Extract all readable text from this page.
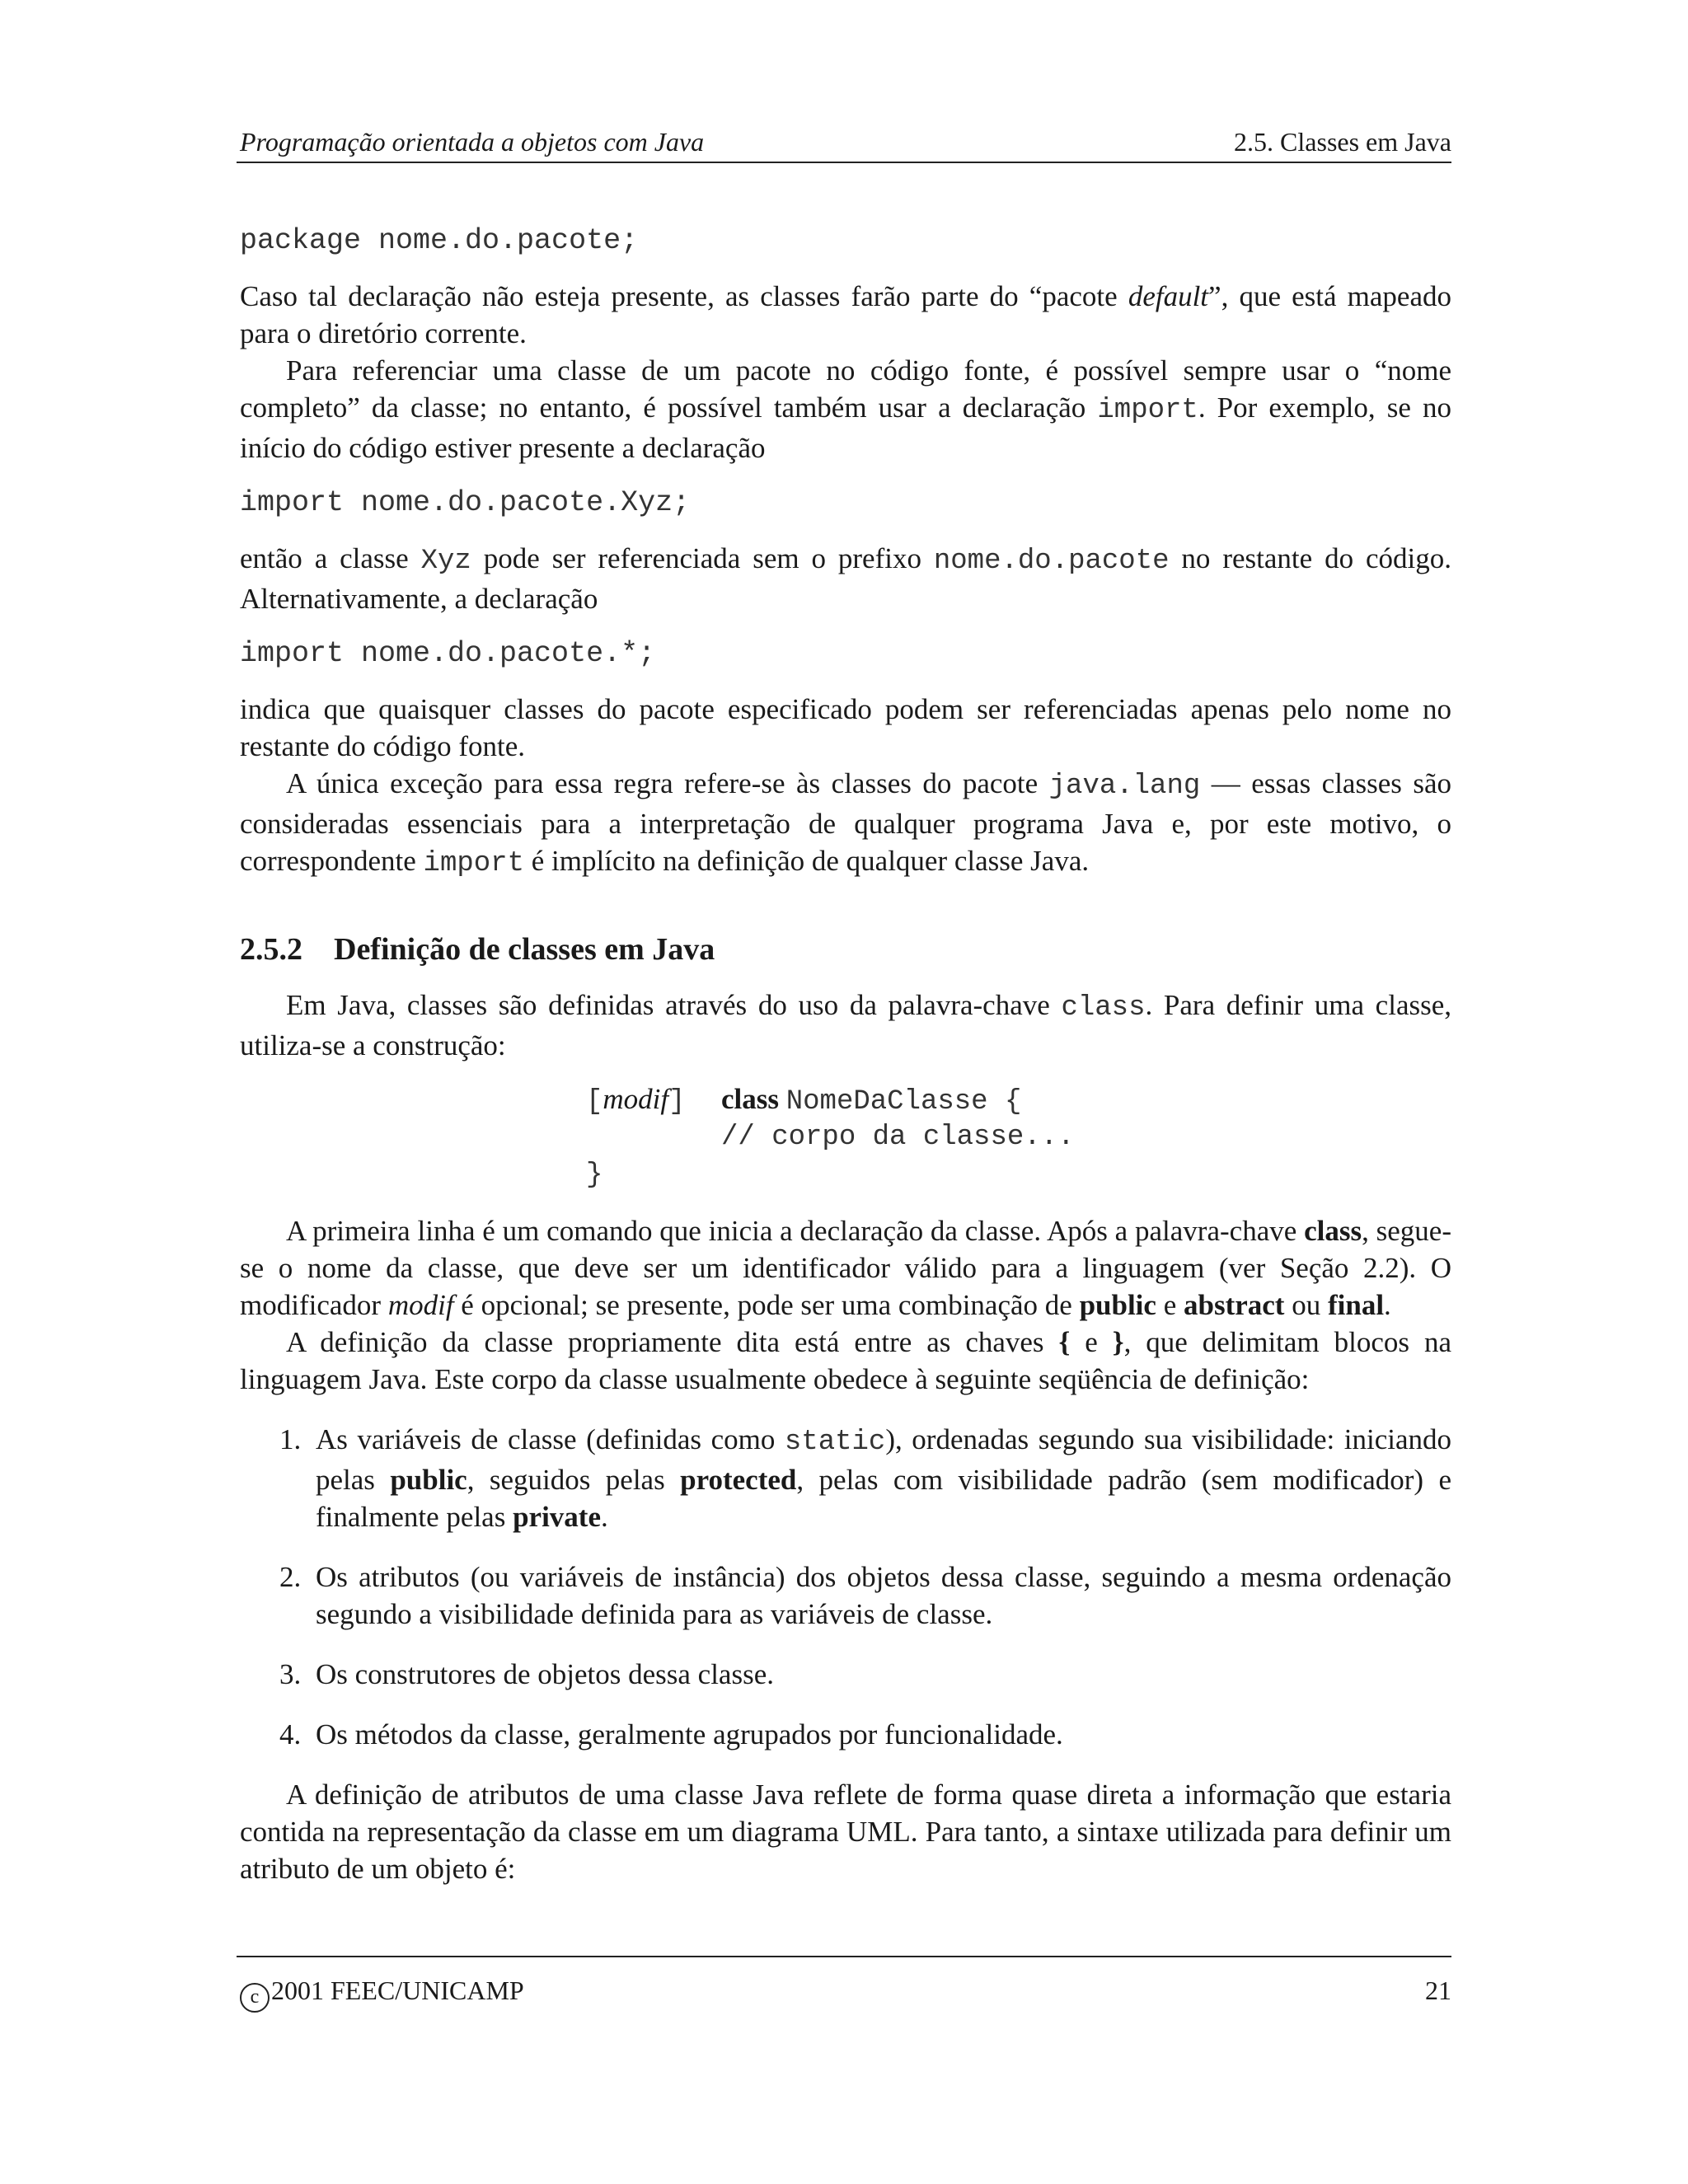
Programação orientada a objetos com Java	2.5. Classes em Java
package nome.do.pacote;

Caso tal declaração não esteja presente, as classes farão parte do “pacote default”, que está mapeado para o diretório corrente.

Para referenciar uma classe de um pacote no código fonte, é possível sempre usar o “nome completo” da classe; no entanto, é possível também usar a declaração import. Por exemplo, se no início do código estiver presente a declaração

import nome.do.pacote.Xyz;

então a classe Xyz pode ser referenciada sem o prefixo nome.do.pacote no restante do código. Alternativamente, a declaração

import nome.do.pacote.*;

indica que quaisquer classes do pacote especificado podem ser referenciadas apenas pelo nome no restante do código fonte.

A única exceção para essa regra refere-se às classes do pacote java.lang — essas classes são consideradas essenciais para a interpretação de qualquer programa Java e, por este motivo, o correspondente import é implícito na definição de qualquer classe Java.

2.5.2 Definição de classes em Java

Em Java, classes são definidas através do uso da palavra-chave class. Para definir uma classe, utiliza-se a construção:

[modif] class NomeDaClasse {
// corpo da classe...
}

A primeira linha é um comando que inicia a declaração da classe. Após a palavra-chave class, segue-se o nome da classe, que deve ser um identificador válido para a linguagem (ver Seção 2.2). O modificador modif é opcional; se presente, pode ser uma combinação de public e abstract ou final.

A definição da classe propriamente dita está entre as chaves { e }, que delimitam blocos na linguagem Java. Este corpo da classe usualmente obedece à seguinte seqüência de definição:

1. As variáveis de classe (definidas como static), ordenadas segundo sua visibilidade: iniciando pelas public, seguidos pelas protected, pelas com visibilidade padrão (sem modificador) e finalmente pelas private.
2. Os atributos (ou variáveis de instância) dos objetos dessa classe, seguindo a mesma ordenação segundo a visibilidade definida para as variáveis de classe.
3. Os construtores de objetos dessa classe.
4. Os métodos da classe, geralmente agrupados por funcionalidade.

A definição de atributos de uma classe Java reflete de forma quase direta a informação que estaria contida na representação da classe em um diagrama UML. Para tanto, a sintaxe utilizada para definir um atributo de um objeto é:

c 2001 FEEC/UNICAMP	21
